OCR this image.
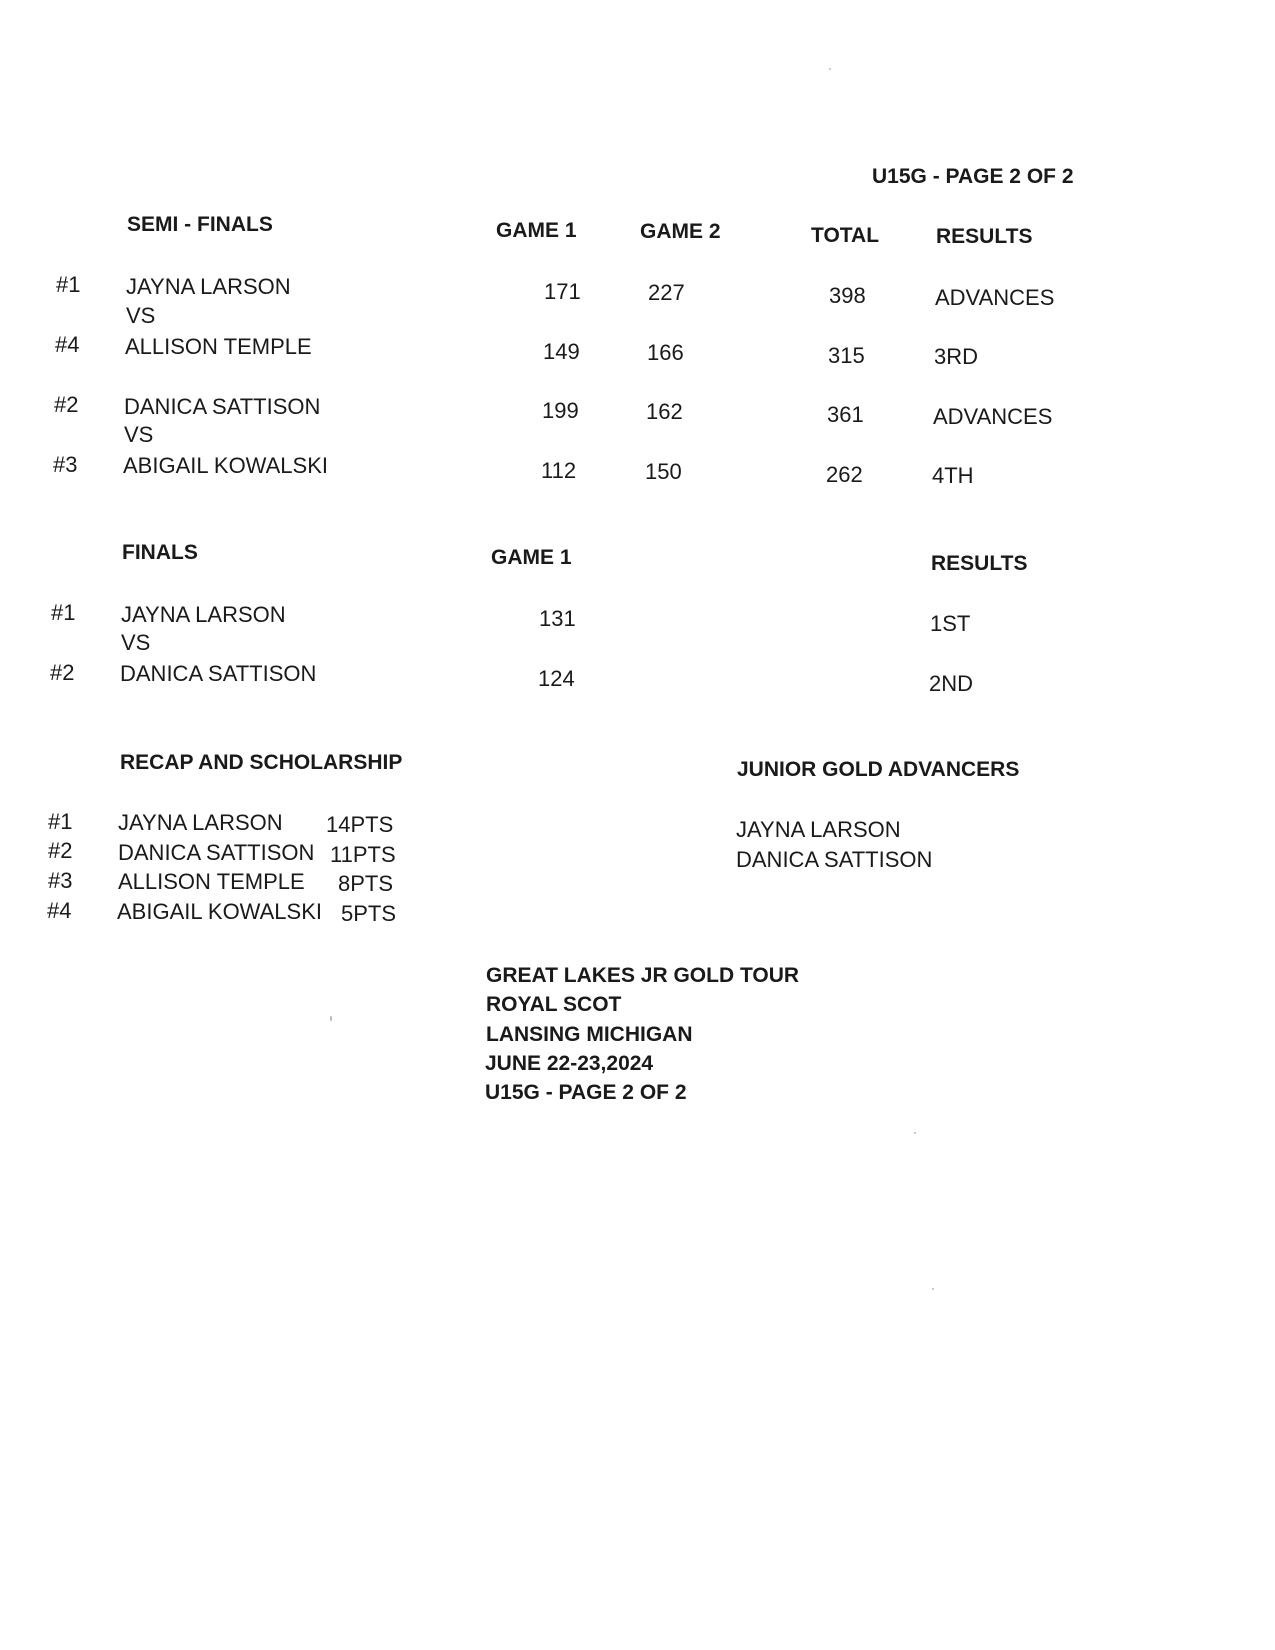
U15G - PAGE 2 OF 2
SEMI - FINALS	GAME 1	GAME 2	TOTAL	RESULTS
#1 JAYNA LARSON	171	227	398	ADVANCES
VS
#4 ALLISON TEMPLE	149	166	315	3RD
#2 DANICA SATTISON	199	162	361	ADVANCES
VS
#3 ABIGAIL KOWALSKI	112	150	262	4TH
FINALS	GAME 1	RESULTS
#1 JAYNA LARSON	131	1ST
VS
#2 DANICA SATTISON	124	2ND
RECAP AND SCHOLARSHIP
#1 JAYNA LARSON 14PTS
#2 DANICA SATTISON 11PTS
#3 ALLISON TEMPLE 8PTS
#4 ABIGAIL KOWALSKI 5PTS
JUNIOR GOLD ADVANCERS
JAYNA LARSON
DANICA SATTISON
GREAT LAKES JR GOLD TOUR
ROYAL SCOT
LANSING MICHIGAN
JUNE 22-23,2024
U15G - PAGE 2 OF 2
